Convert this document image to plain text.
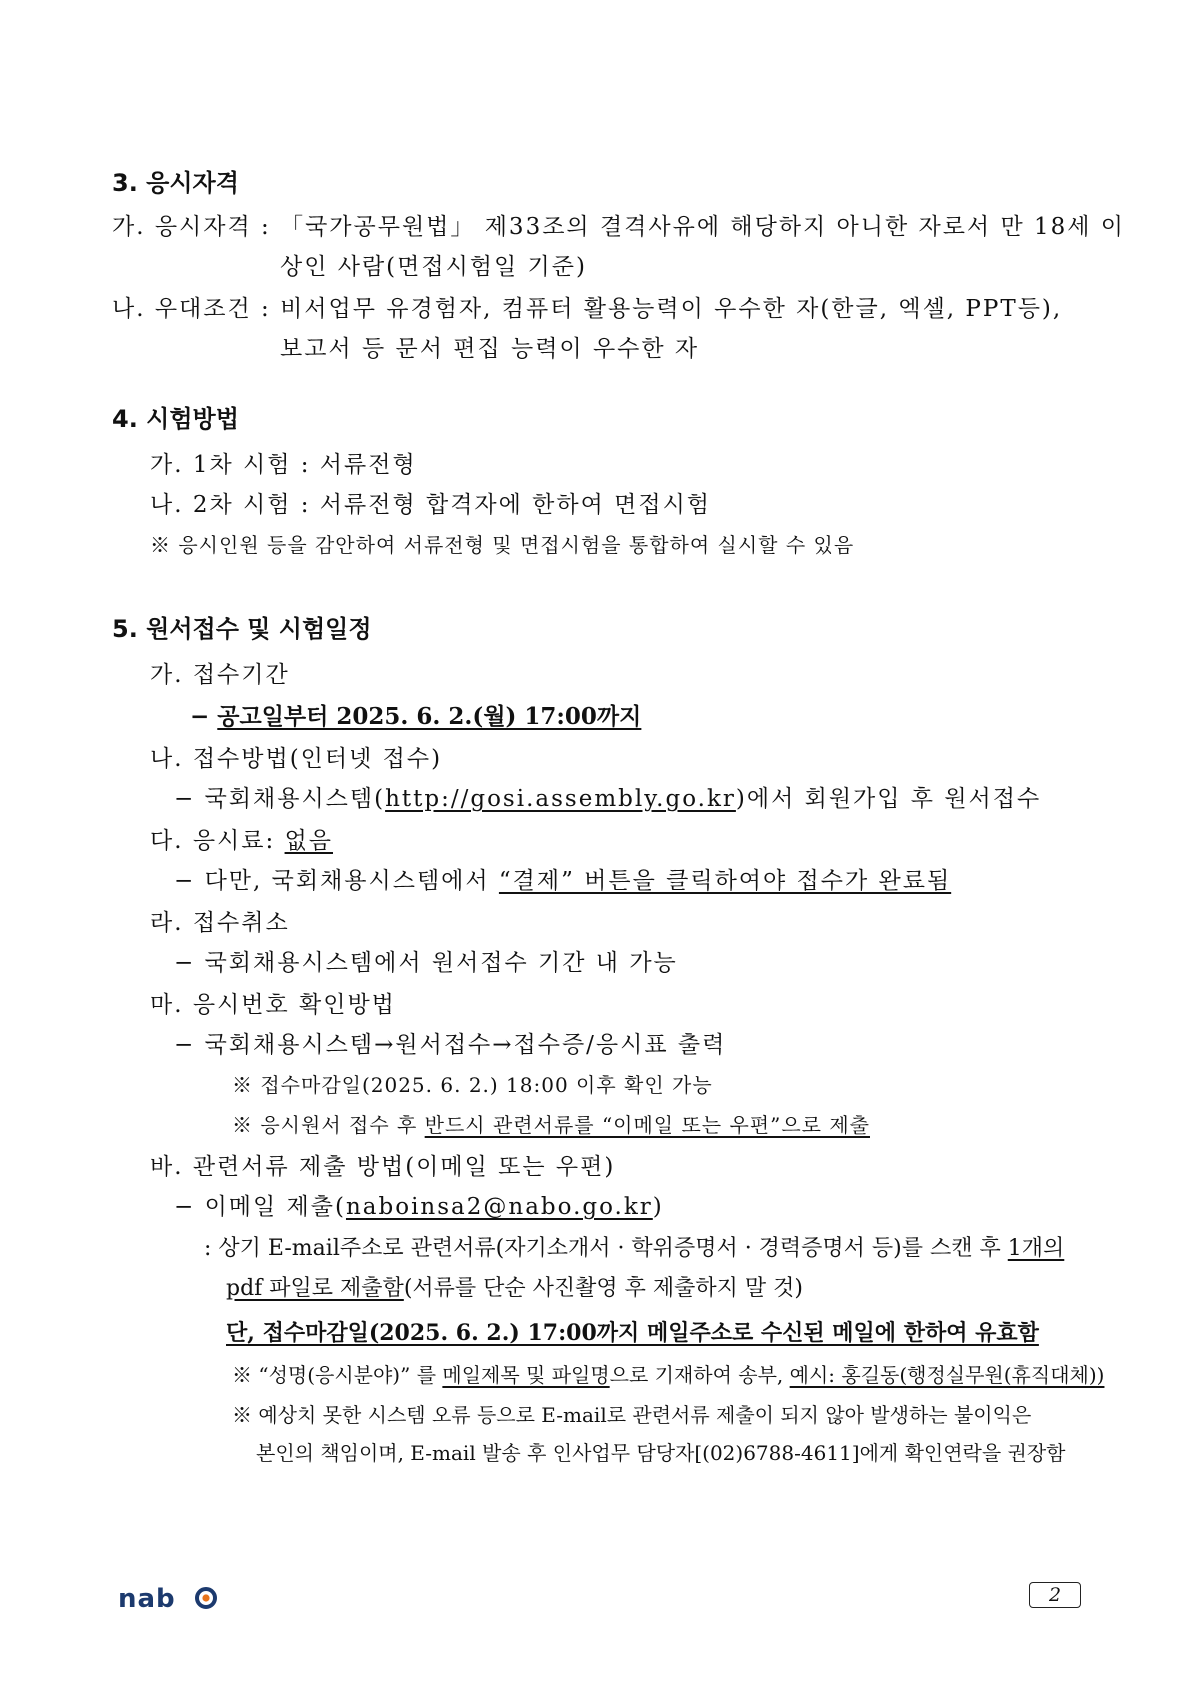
3. 응시자격
가. 응시자격 : 「국가공무원법」 제33조의 결격사유에 해당하지 아니한 자로서 만 18세 이
상인 사람(면접시험일 기준)
나. 우대조건 : 비서업무 유경험자, 컴퓨터 활용능력이 우수한 자(한글, 엑셀, PPT등),
보고서 등 문서 편집 능력이 우수한 자
4. 시험방법
가. 1차 시험 : 서류전형
나. 2차 시험 : 서류전형 합격자에 한하여 면접시험
※ 응시인원 등을 감안하여 서류전형 및 면접시험을 통합하여 실시할 수 있음
5. 원서접수 및 시험일정
가. 접수기간
− 공고일부터 2025. 6. 2.(월) 17:00까지
나. 접수방법(인터넷 접수)
− 국회채용시스템(http://gosi.assembly.go.kr)에서 회원가입 후 원서접수
다. 응시료: 없음
− 다만, 국회채용시스템에서 “결제” 버튼을 클릭하여야 접수가 완료됨
라. 접수취소
− 국회채용시스템에서 원서접수 기간 내 가능
마. 응시번호 확인방법
− 국회채용시스템→원서접수→접수증/응시표 출력
※ 접수마감일(2025. 6. 2.) 18:00 이후 확인 가능
※ 응시원서 접수 후 반드시 관련서류를 “이메일 또는 우편”으로 제출
바. 관련서류 제출 방법(이메일 또는 우편)
− 이메일 제출(naboinsa2@nabo.go.kr)
: 상기 E-mail주소로 관련서류(자기소개서 · 학위증명서 · 경력증명서 등)를 스캔 후 1개의
pdf 파일로 제출함(서류를 단순 사진촬영 후 제출하지 말 것)
단, 접수마감일(2025. 6. 2.) 17:00까지 메일주소로 수신된 메일에 한하여 유효함
※ “성명(응시분야)” 를 메일제목 및 파일명으로 기재하여 송부, 예시: 홍길동(행정실무원(휴직대체))
※ 예상치 못한 시스템 오류 등으로 E-mail로 관련서류 제출이 되지 않아 발생하는 불이익은
본인의 책임이며, E-mail 발송 후 인사업무 담당자[(02)6788-4611]에게 확인연락을 권장함
nab	2
